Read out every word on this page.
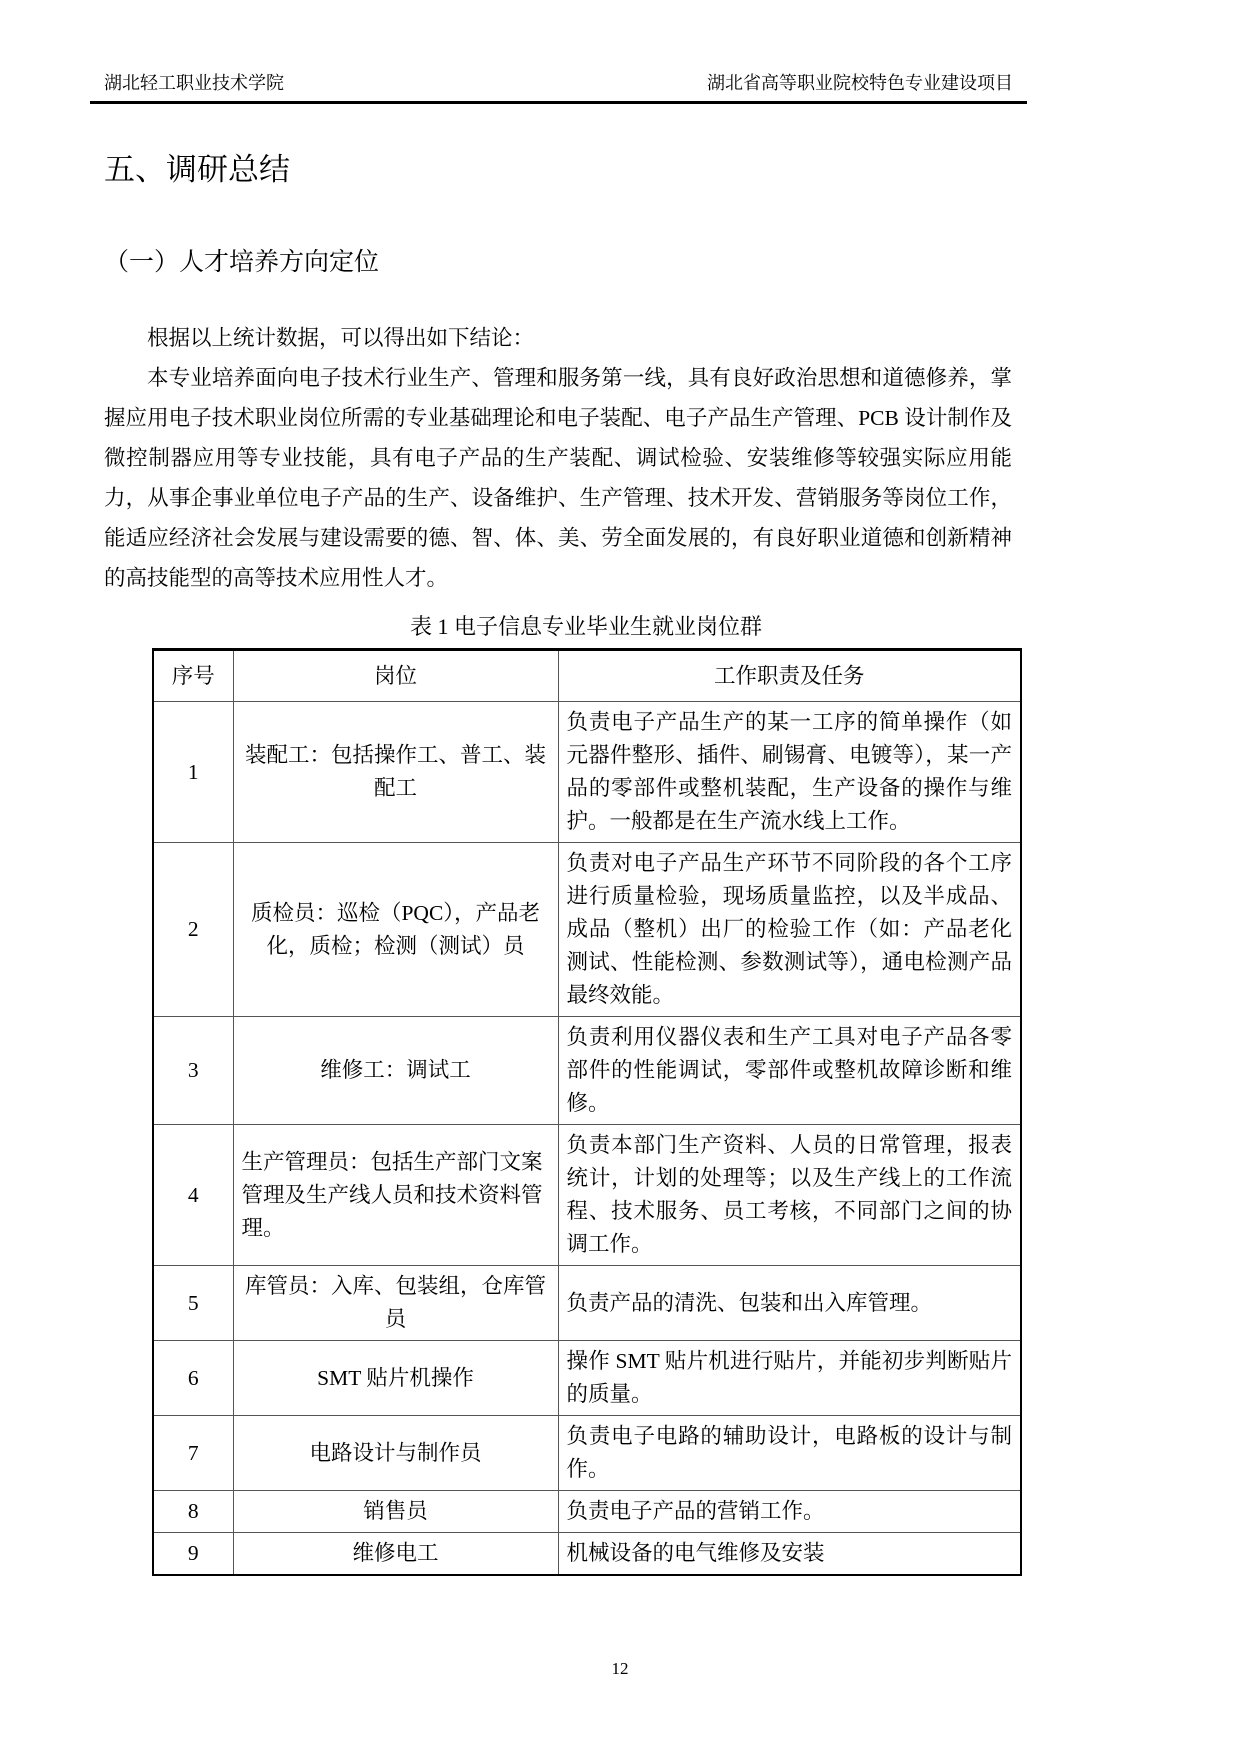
湖北轻工职业技术学院	湖北省高等职业院校特色专业建设项目
五、调研总结
（一）人才培养方向定位

根据以上统计数据，可以得出如下结论：

本专业培养面向电子技术行业生产、管理和服务第一线，具有良好政治思想和道德修养，掌握应用电子技术职业岗位所需的专业基础理论和电子装配、电子产品生产管理、PCB 设计制作及微控制器应用等专业技能，具有电子产品的生产装配、调试检验、安装维修等较强实际应用能力，从事企事业单位电子产品的生产、设备维护、生产管理、技术开发、营销服务等岗位工作，能适应经济社会发展与建设需要的德、智、体、美、劳全面发展的，有良好职业道德和创新精神的高技能型的高等技术应用性人才。

表 1 电子信息专业毕业生就业岗位群
序号	岗位	工作职责及任务
1	装配工：包括操作工、普工、装配工	负责电子产品生产的某一工序的简单操作（如元器件整形、插件、刷锡膏、电镀等），某一产品的零部件或整机装配，生产设备的操作与维护。一般都是在生产流水线上工作。
2	质检员：巡检（PQC），产品老化，质检；检测（测试）员	负责对电子产品生产环节不同阶段的各个工序进行质量检验，现场质量监控，以及半成品、成品（整机）出厂的检验工作（如：产品老化测试、性能检测、参数测试等），通电检测产品最终效能。
3	维修工：调试工	负责利用仪器仪表和生产工具对电子产品各零部件的性能调试，零部件或整机故障诊断和维修。
4	生产管理员：包括生产部门文案管理及生产线人员和技术资料管理。	负责本部门生产资料、人员的日常管理，报表统计，计划的处理等；以及生产线上的工作流程、技术服务、员工考核，不同部门之间的协调工作。
5	库管员：入库、包装组，仓库管员	负责产品的清洗、包装和出入库管理。
6	SMT 贴片机操作	操作 SMT 贴片机进行贴片，并能初步判断贴片的质量。
7	电路设计与制作员	负责电子电路的辅助设计，电路板的设计与制作。
8	销售员	负责电子产品的营销工作。
9	维修电工	机械设备的电气维修及安装
12
